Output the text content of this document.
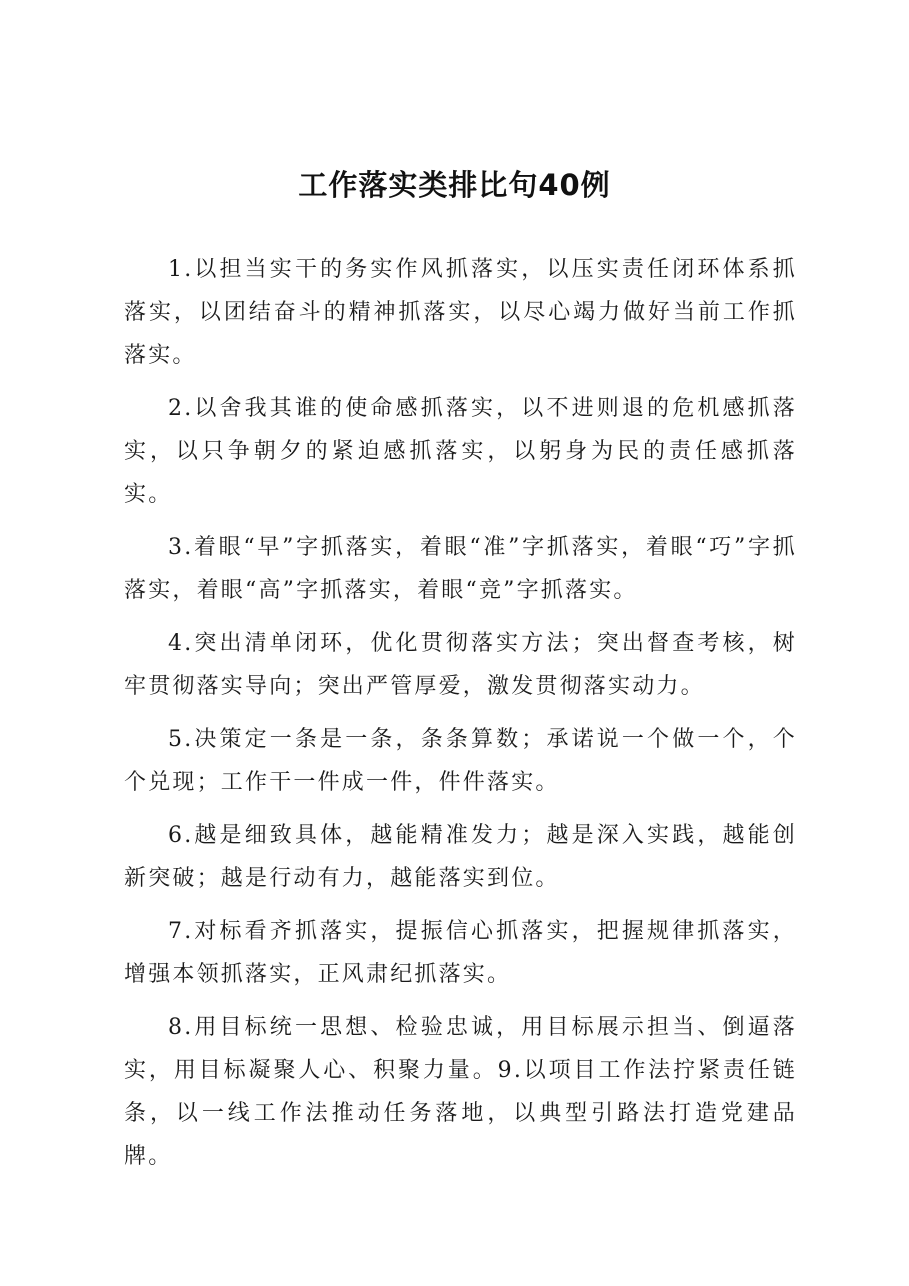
工作落实类排比句40例

1.以担当实干的务实作风抓落实，以压实责任闭环体系抓落实，以团结奋斗的精神抓落实，以尽心竭力做好当前工作抓落实。

2.以舍我其谁的使命感抓落实，以不进则退的危机感抓落实，以只争朝夕的紧迫感抓落实，以躬身为民的责任感抓落实。

3.着眼“早”字抓落实，着眼“准”字抓落实，着眼“巧”字抓落实，着眼“高”字抓落实，着眼“竞”字抓落实。

4.突出清单闭环，优化贯彻落实方法；突出督查考核，树牢贯彻落实导向；突出严管厚爱，激发贯彻落实动力。

5.决策定一条是一条，条条算数；承诺说一个做一个，个个兑现；工作干一件成一件，件件落实。

6.越是细致具体，越能精准发力；越是深入实践，越能创新突破；越是行动有力，越能落实到位。

7.对标看齐抓落实，提振信心抓落实，把握规律抓落实，增强本领抓落实，正风肃纪抓落实。

8.用目标统一思想、检验忠诚，用目标展示担当、倒逼落实，用目标凝聚人心、积聚力量。9.以项目工作法拧紧责任链条，以一线工作法推动任务落地，以典型引路法打造党建品牌。
